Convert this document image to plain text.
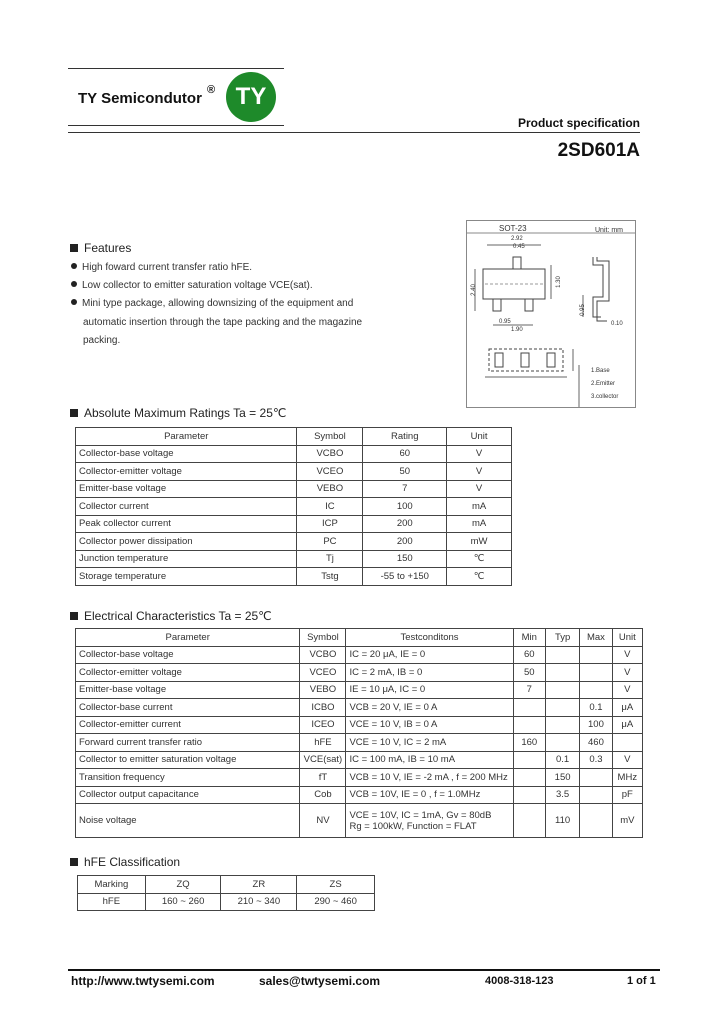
TY Semicondutor ® TY
Product specification
2SD601A
Features
High foward current transfer ratio hFE.
Low collector to emitter saturation voltage VCE(sat).
Mini type package, allowing downsizing of the equipment and
automatic insertion through the tape packing and the magazine
packing.
SOT-23	Unit: mm
2.92
0.45
2.40
1.30
0.95
1.90
0.95
0.10
1.Base
2.Emitter
3.collector
Absolute Maximum Ratings Ta = 25℃
Parameter	Symbol	Rating	Unit
Collector-base voltage	VCBO	60	V
Collector-emitter voltage	VCEO	50	V
Emitter-base voltage	VEBO	7	V
Collector current	IC	100	mA
Peak collector current	ICP	200	mA
Collector power dissipation	PC	200	mW
Junction temperature	Tj	150	℃
Storage temperature	Tstg	-55 to +150	℃
Electrical Characteristics Ta = 25℃
Parameter	Symbol	Testconditons	Min	Typ	Max	Unit
Collector-base voltage	VCBO	IC = 20 μA, IE = 0	60			V
Collector-emitter voltage	VCEO	IC = 2 mA, IB = 0	50			V
Emitter-base voltage	VEBO	IE = 10 μA, IC = 0	7			V
Collector-base current	ICBO	VCB = 20 V, IE = 0 A			0.1	μA
Collector-emitter current	ICEO	VCE = 10 V, IB = 0 A			100	μA
Forward current transfer ratio	hFE	VCE = 10 V, IC = 2 mA	160		460	
Collector to emitter saturation voltage	VCE(sat)	IC = 100 mA, IB = 10 mA		0.1	0.3	V
Transition frequency	fT	VCB = 10 V, IE = -2 mA , f = 200 MHz		150		MHz
Collector output capacitance	Cob	VCB = 10V, IE = 0 , f = 1.0MHz		3.5		pF
Noise voltage	NV	VCE = 10V, IC = 1mA, Gv = 80dB
Rg = 100kW, Function = FLAT		110		mV
hFE Classification
Marking	ZQ	ZR	ZS
hFE	160 ~ 260	210 ~ 340	290 ~ 460
http://www.twtysemi.com	sales@twtysemi.com	4008-318-123	1 of 1
